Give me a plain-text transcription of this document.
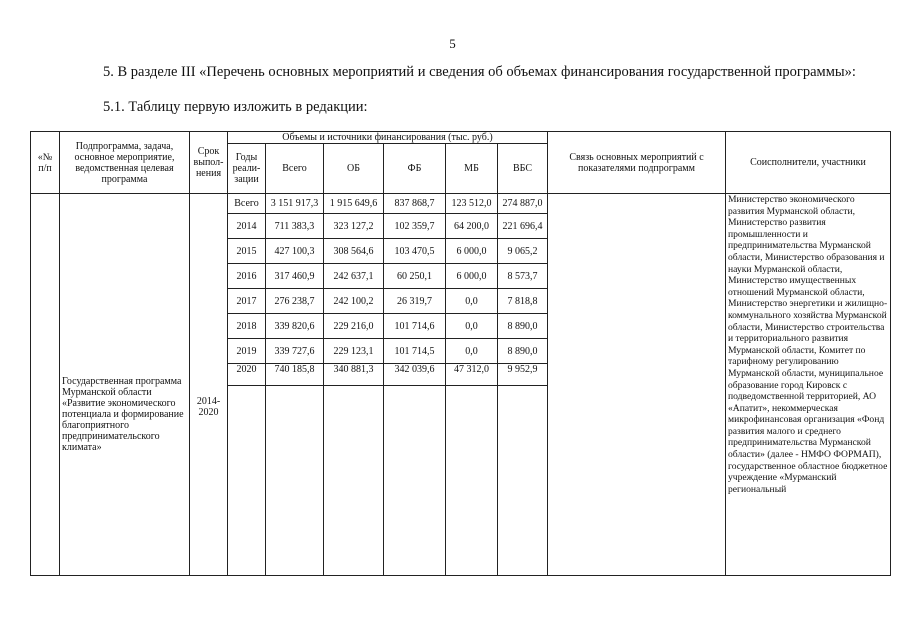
5
5. В разделе III «Перечень основных мероприятий и сведения об объемах финансирования государственной программы»:
5.1. Таблицу первую изложить в редакции:
«№ п/п	Подпрограмма, задача, основное мероприятие, ведомственная целевая программа	Срок выпол-нения	Объемы и источники финансирования (тыс. руб.)						Связь основных мероприятий с показателями подпрограмм	Соисполнители, участники
			Годы реали-зации	Всего	ОБ	ФБ	МБ	ВБС		
	Государственная программа Мурманской области «Развитие экономического потенциала и формирование благоприятного предпринимательского климата»	2014-2020	Всего	3 151 917,3	1 915 649,6	837 868,7	123 512,0	274 887,0		Министерство экономического развития Мурманской области, Министерство развития промышленности и предпринимательства Мурманской области, Министерство образования и науки Мурманской области, Министерство имущественных отношений Мурманской области, Министерство энергетики и жилищно-коммунального хозяйства Мурманской области, Министерство строительства и территориального развития Мурманской области, Комитет по тарифному регулированию Мурманской области, муниципальное образование город Кировск с подведомственной территорией, АО «Апатит», некоммерческая микрофинансовая организация «Фонд развития малого и среднего предпринимательства Мурманской области» (далее - НМФО ФОРМАП), государственное областное бюджетное учреждение «Мурманский региональный
			2014	711 383,3	323 127,2	102 359,7	64 200,0	221 696,4		
			2015	427 100,3	308 564,6	103 470,5	6 000,0	9 065,2		
			2016	317 460,9	242 637,1	60 250,1	6 000,0	8 573,7		
			2017	276 238,7	242 100,2	26 319,7	0,0	7 818,8		
			2018	339 820,6	229 216,0	101 714,6	0,0	8 890,0		
			2019	339 727,6	229 123,1	101 714,5	0,0	8 890,0		
			2020	740 185,8	340 881,3	342 039,6	47 312,0	9 952,9		
